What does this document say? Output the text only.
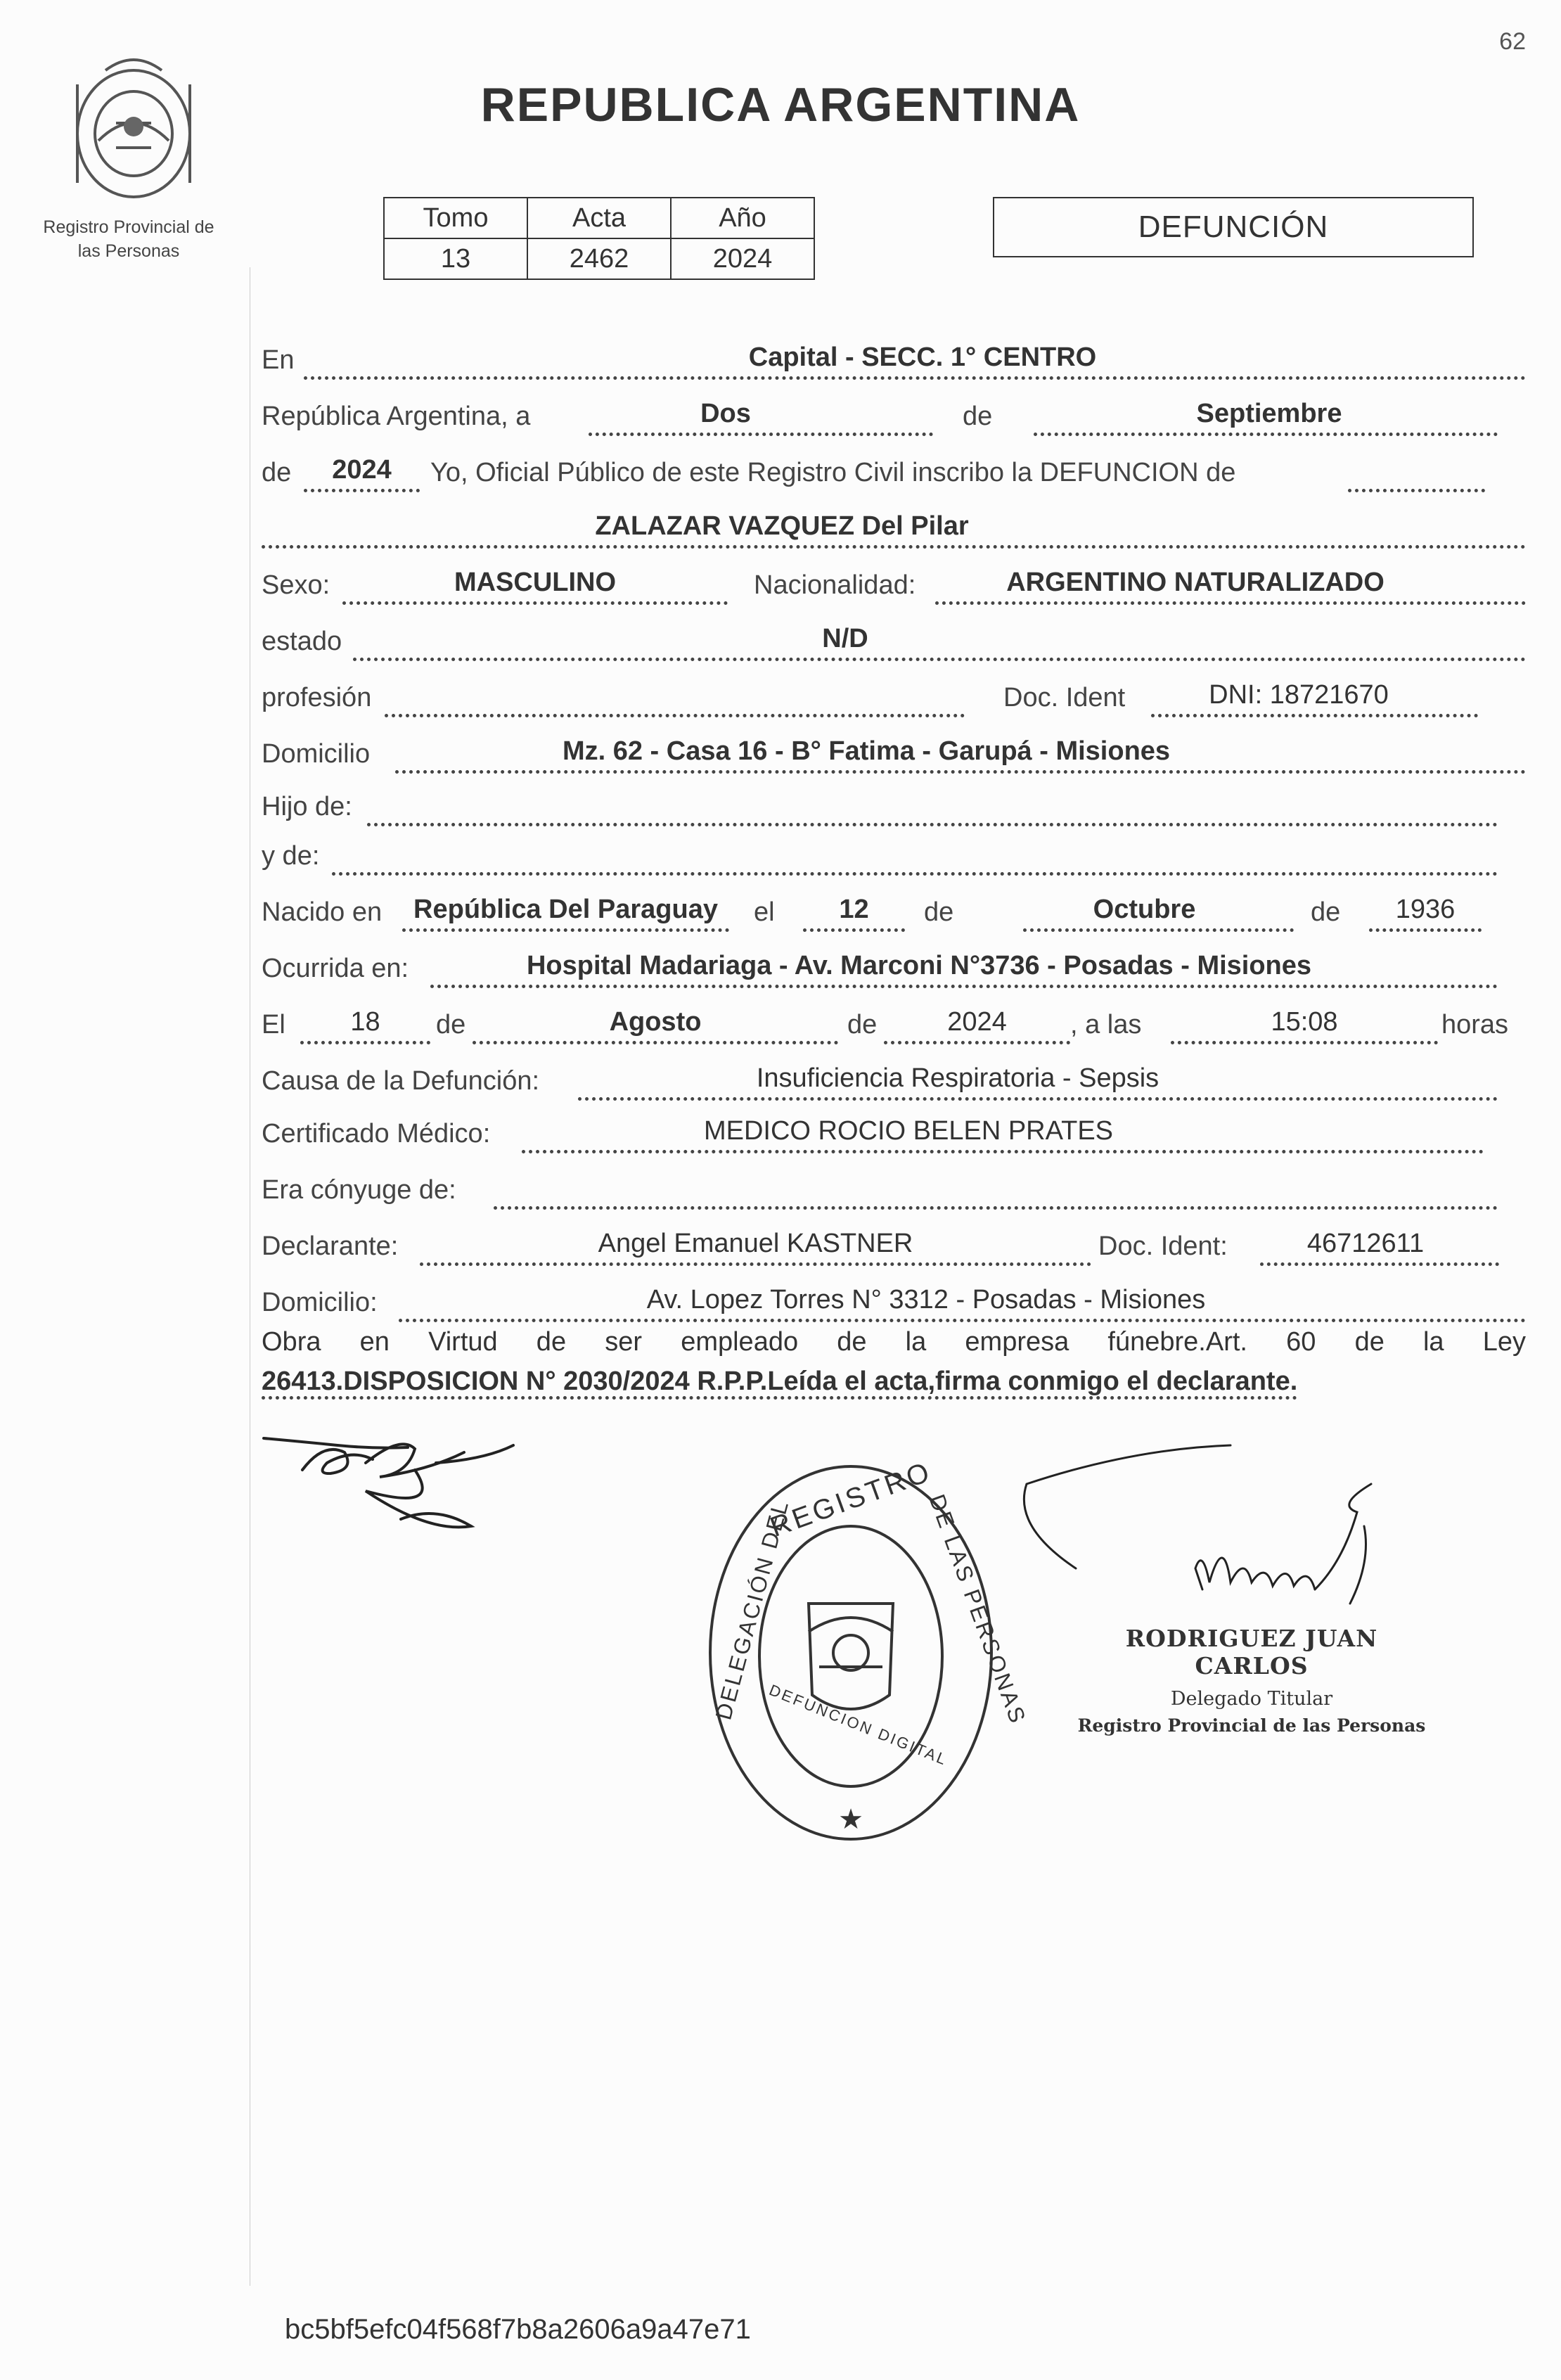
62
REPUBLICA ARGENTINA
Registro Provincial de
las Personas
Tomo	Acta	Año
13	2462	2024
DEFUNCIÓN
En	Capital - SECC. 1° CENTRO
República Argentina, a	Dos	de	Septiembre
de	2024	Yo, Oficial Público de este Registro Civil inscribo la DEFUNCION de
ZALAZAR VAZQUEZ Del Pilar
Sexo:	MASCULINO	Nacionalidad:	ARGENTINO NATURALIZADO
estado	N/D
profesión	Doc. Ident	DNI: 18721670
Domicilio	Mz. 62 - Casa 16 - B° Fatima - Garupá - Misiones
Hijo de:
y de:
Nacido en	República Del Paraguay	el	12	de	Octubre	de	1936
Ocurrida en:	Hospital Madariaga - Av. Marconi N°3736 - Posadas - Misiones
El	18	de	Agosto	de	2024	, a las	15:08	horas
Causa de la Defunción:	Insuficiencia Respiratoria - Sepsis
Certificado Médico:	MEDICO ROCIO BELEN PRATES
Era cónyuge de:
Declarante:	Angel Emanuel KASTNER	Doc. Ident:	46712611
Domicilio:	Av. Lopez Torres N° 3312 - Posadas - Misiones
Obra en Virtud de ser empleado de la empresa fúnebre.Art. 60 de la Ley
26413.DISPOSICION N° 2030/2024 R.P.P.Leída el acta,firma conmigo el declarante.
★
REGISTRO
DELEGACIÓN DEL	DE LAS PERSONAS
DEFUNCION DIGITAL
RODRIGUEZ JUAN CARLOS
Delegado Titular
Registro Provincial de las Personas
bc5bf5efc04f568f7b8a2606a9a47e71
